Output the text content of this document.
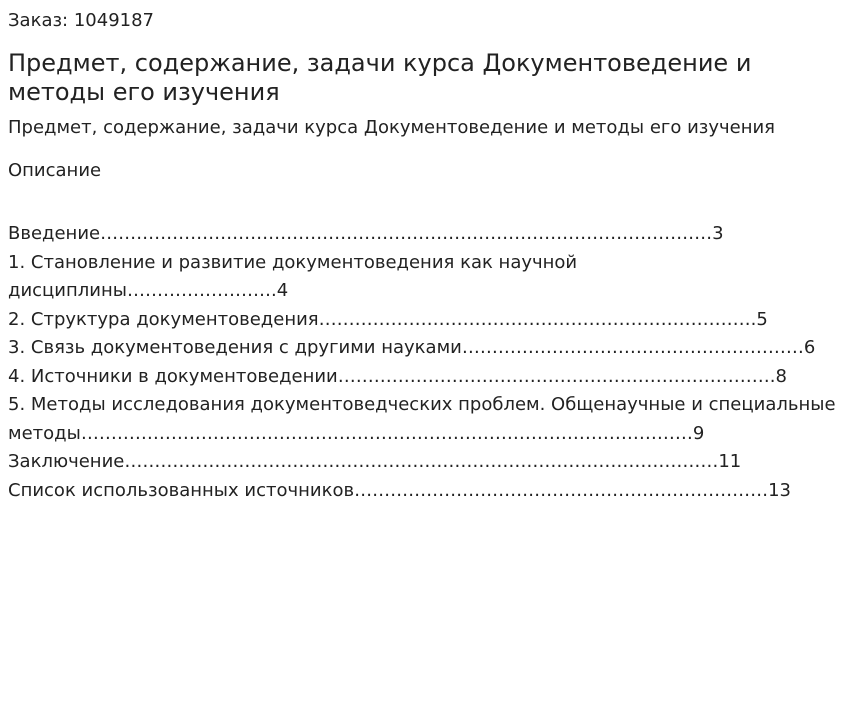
Заказ: 1049187

Предмет, содержание, задачи курса Документоведение и методы его изучения

Предмет, содержание, задачи курса Документоведение и методы его изучения

Описание

Введение…………………………………………………………………………………………3
1. Становление и развитие документоведения как научной дисциплины…………………….4
2. Структура документоведения……………………………………………………………….5
3. Связь документоведения с другими науками…………………………………………………6
4. Источники в документоведении……………………………………………………………….8
5. Методы исследования документоведческих проблем. Общенаучные и специальные методы…………………………………………………………………………………………9
Заключение………………………………………………………………………………………11
Список использованных источников……………………………………………………………13
